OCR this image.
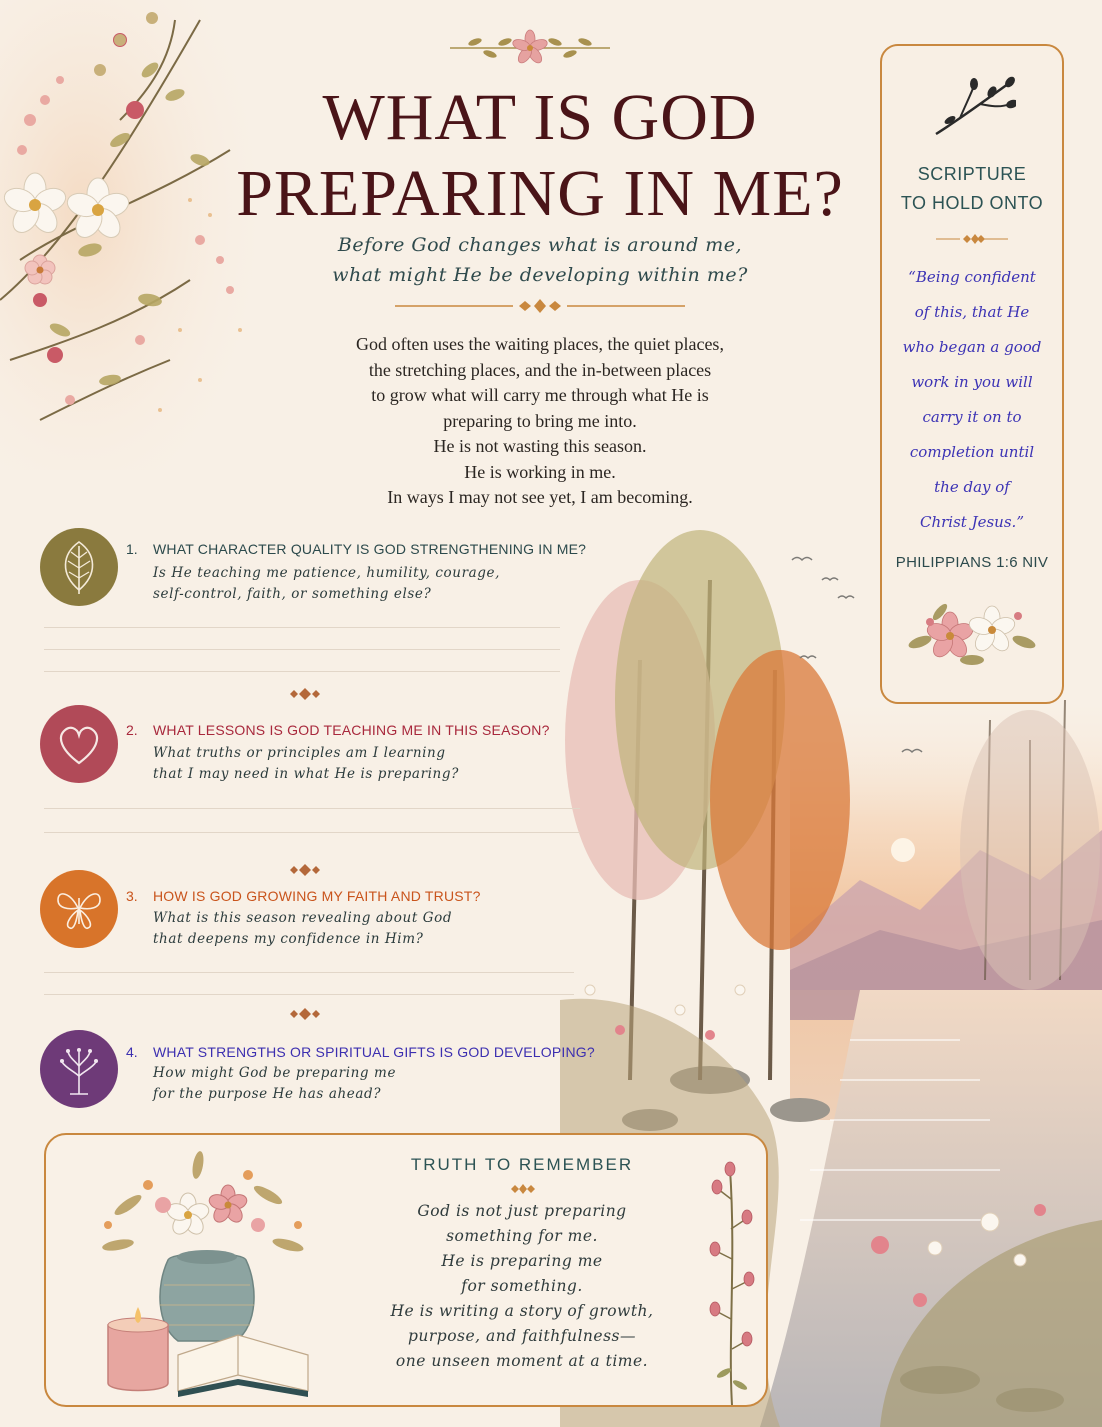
WHAT IS GOD
PREPARING IN ME?
Before God changes what is around me,
what might He be developing within me?
God often uses the waiting places, the quiet places,
the stretching places, and the in-between places
to grow what will carry me through what He is
preparing to bring me into.
He is not wasting this season.
He is working in me.
In ways I may not see yet, I am becoming.
SCRIPTURE
TO HOLD ONTO
“Being confident
of this, that He
who began a good
work in you will
carry it on to
completion until
the day of
Christ Jesus.”
PHILIPPIANS 1:6 NIV
1. WHAT CHARACTER QUALITY IS GOD STRENGTHENING IN ME?
Is He teaching me patience, humility, courage,
self-control, faith, or something else?
2. WHAT LESSONS IS GOD TEACHING ME IN THIS SEASON?
What truths or principles am I learning
that I may need in what He is preparing?
3. HOW IS GOD GROWING MY FAITH AND TRUST?
What is this season revealing about God
that deepens my confidence in Him?
4. WHAT STRENGTHS OR SPIRITUAL GIFTS IS GOD DEVELOPING?
How might God be preparing me
for the purpose He has ahead?
TRUTH TO REMEMBER
God is not just preparing
something for me.
He is preparing me
for something.
He is writing a story of growth,
purpose, and faithfulness—
one unseen moment at a time.
